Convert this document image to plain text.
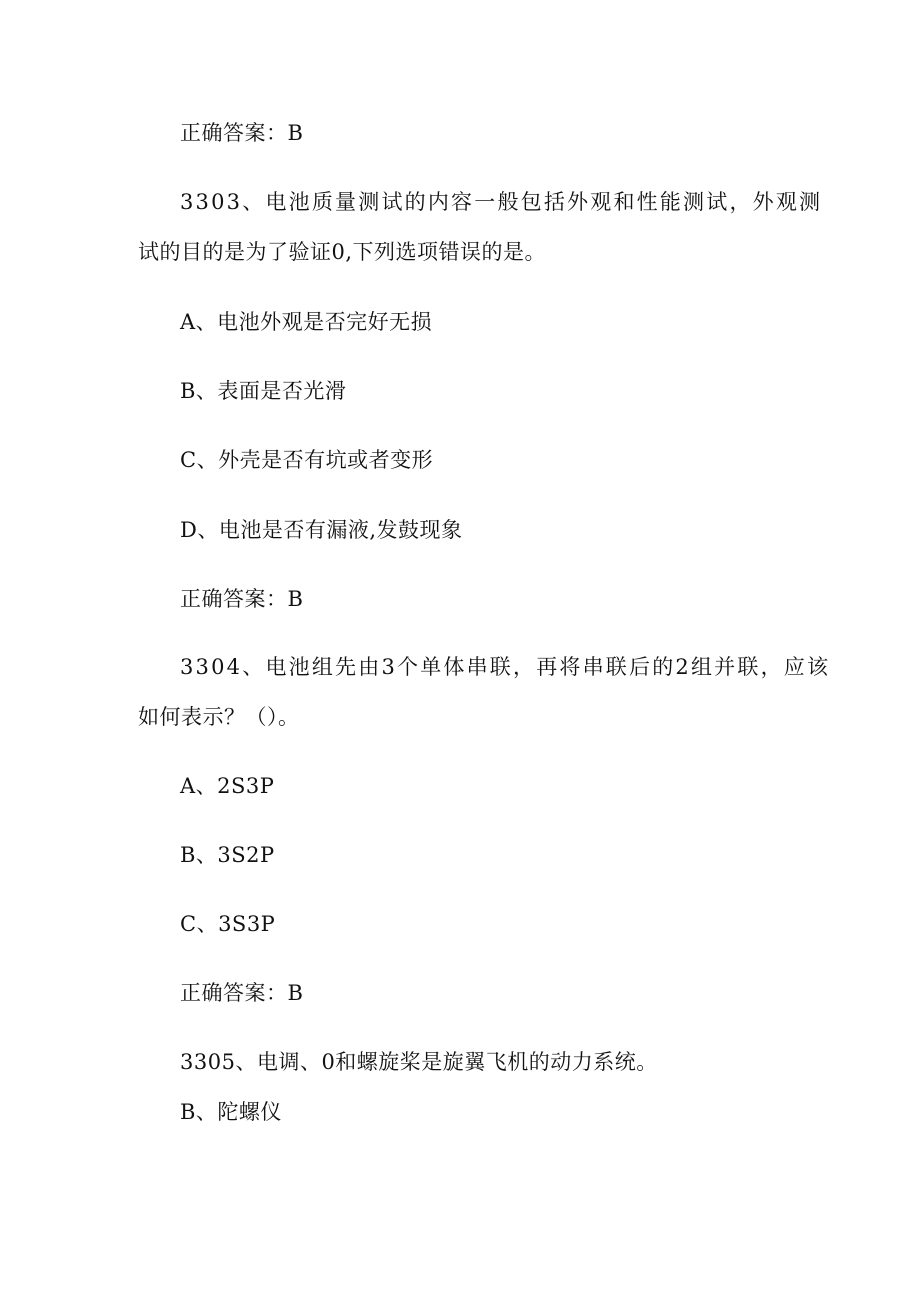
正确答案：B
3303、电池质量测试的内容一般包括外观和性能测试，外观测
试的目的是为了验证0,下列选项错误的是。
A、电池外观是否完好无损
B、表面是否光滑
C、外壳是否有坑或者变形
D、电池是否有漏液,发鼓现象
正确答案：B
3304、电池组先由3个单体串联，再将串联后的2组并联，应该
如何表示？（）。
A、2S3P
B、3S2P
C、3S3P
正确答案：B
3305、电调、0和螺旋桨是旋翼飞机的动力系统。
B、陀螺仪
